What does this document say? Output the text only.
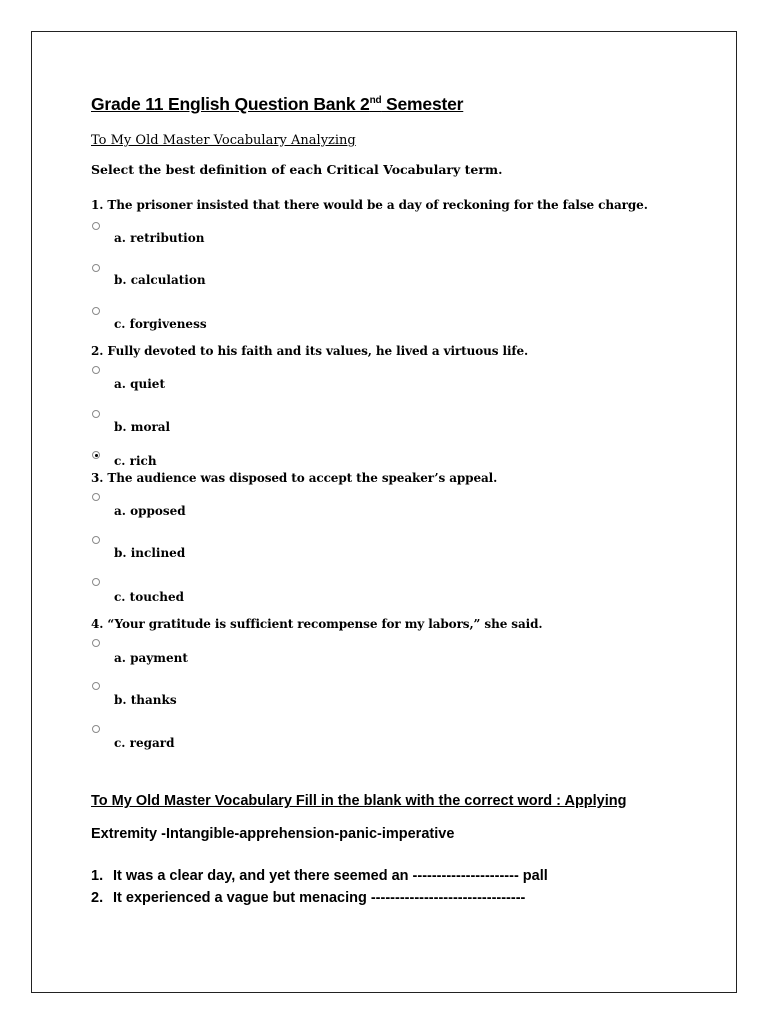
Grade 11 English Question Bank 2nd Semester
To My Old Master Vocabulary Analyzing
Select the best definition of each Critical Vocabulary term.
1. The prisoner insisted that there would be a day of reckoning for the false charge.
a. retribution
b. calculation
c. forgiveness
2. Fully devoted to his faith and its values, he lived a virtuous life.
a. quiet
b. moral
c. rich
3. The audience was disposed to accept the speaker’s appeal.
a. opposed
b. inclined
c. touched
4. “Your gratitude is sufficient recompense for my labors,” she said.
a. payment
b. thanks
c. regard
To My Old Master Vocabulary Fill in the blank with the correct word : Applying
Extremity -Intangible-apprehension-panic-imperative
1. It was a clear day, and yet there seemed an ---------------------- pall
2. It experienced a vague but menacing --------------------------------
